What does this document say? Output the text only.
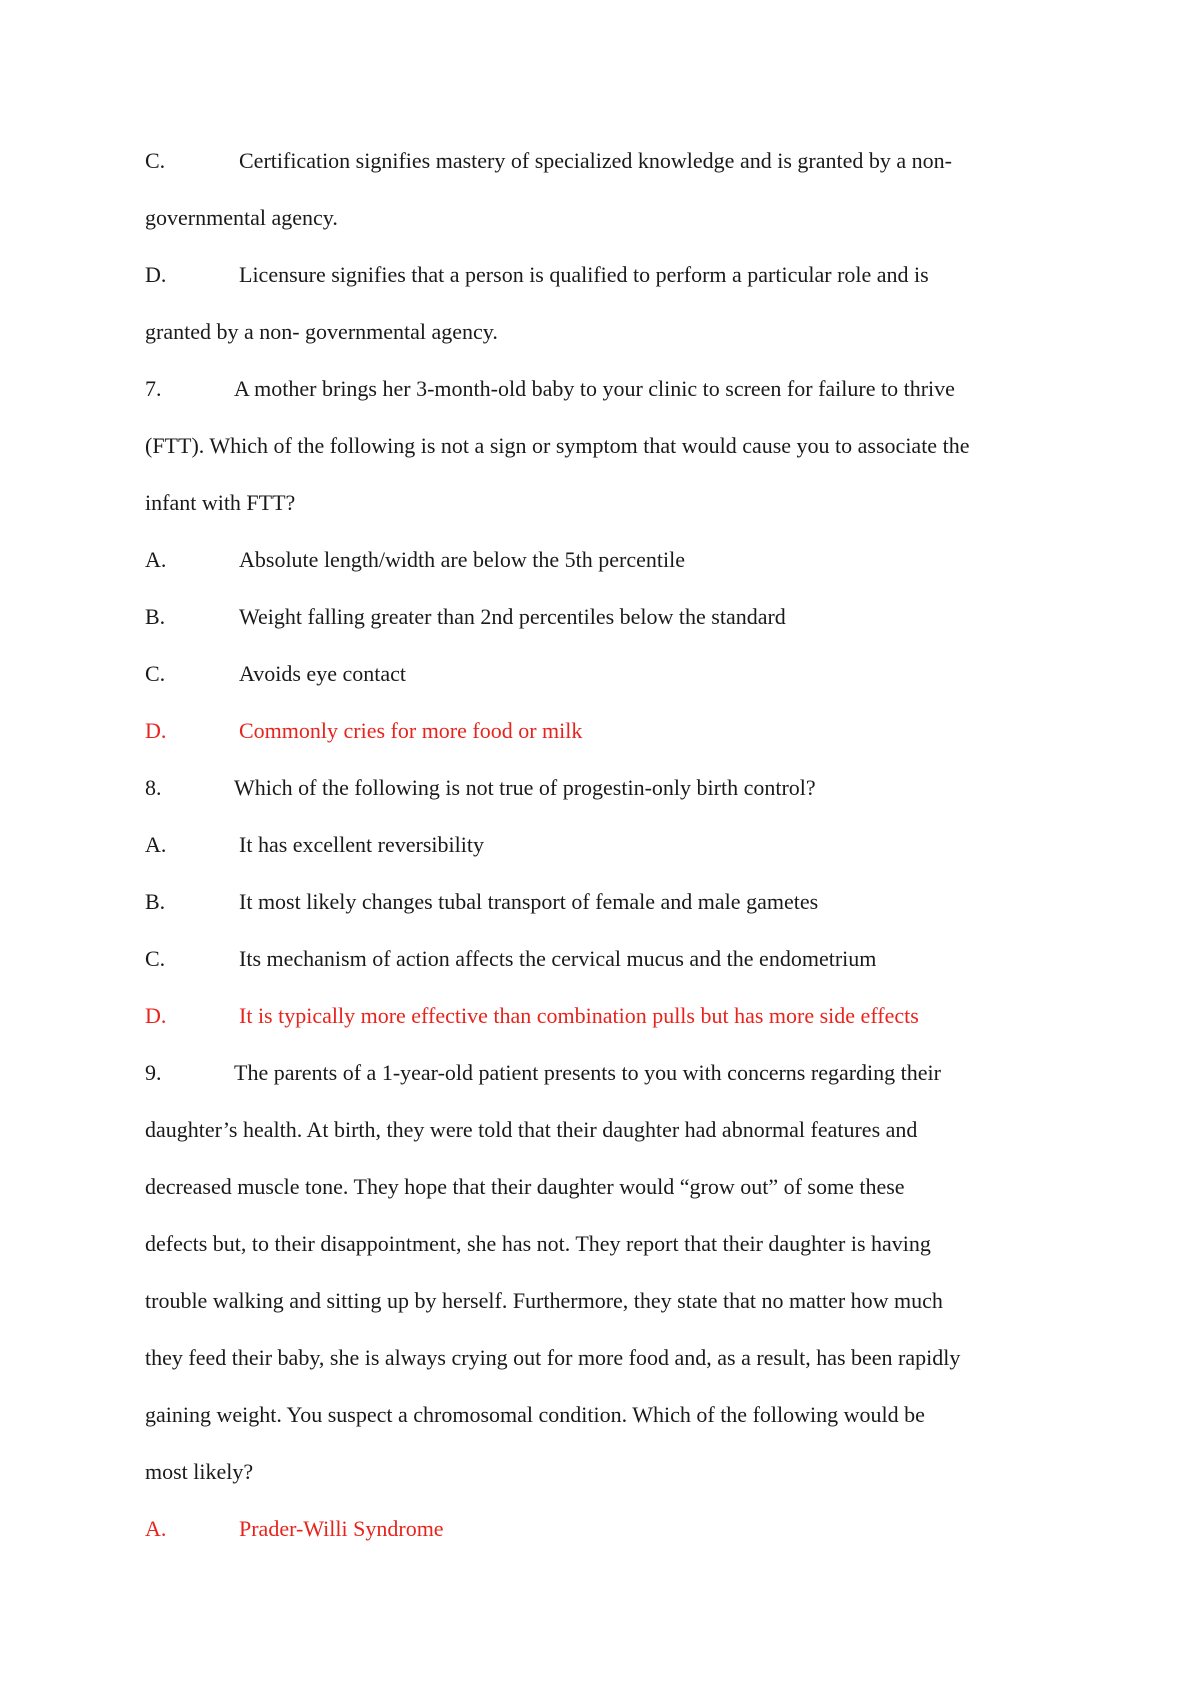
C.	Certification signifies mastery of specialized knowledge and is granted by a non-
governmental agency.
D.	Licensure signifies that a person is qualified to perform a particular role and is
granted by a non- governmental agency.
7.	A mother brings her 3-month-old baby to your clinic to screen for failure to thrive
(FTT). Which of the following is not a sign or symptom that would cause you to associate the
infant with FTT?
A.	Absolute length/width are below the 5th percentile
B.	Weight falling greater than 2nd percentiles below the standard
C.	Avoids eye contact
D.	Commonly cries for more food or milk
8.	Which of the following is not true of progestin-only birth control?
A.	It has excellent reversibility
B.	It most likely changes tubal transport of female and male gametes
C.	Its mechanism of action affects the cervical mucus and the endometrium
D.	It is typically more effective than combination pulls but has more side effects
9.	The parents of a 1-year-old patient presents to you with concerns regarding their
daughter’s health. At birth, they were told that their daughter had abnormal features and
decreased muscle tone. They hope that their daughter would “grow out” of some these
defects but, to their disappointment, she has not. They report that their daughter is having
trouble walking and sitting up by herself. Furthermore, they state that no matter how much
they feed their baby, she is always crying out for more food and, as a result, has been rapidly
gaining weight. You suspect a chromosomal condition. Which of the following would be
most likely?
A.	Prader-Willi Syndrome
